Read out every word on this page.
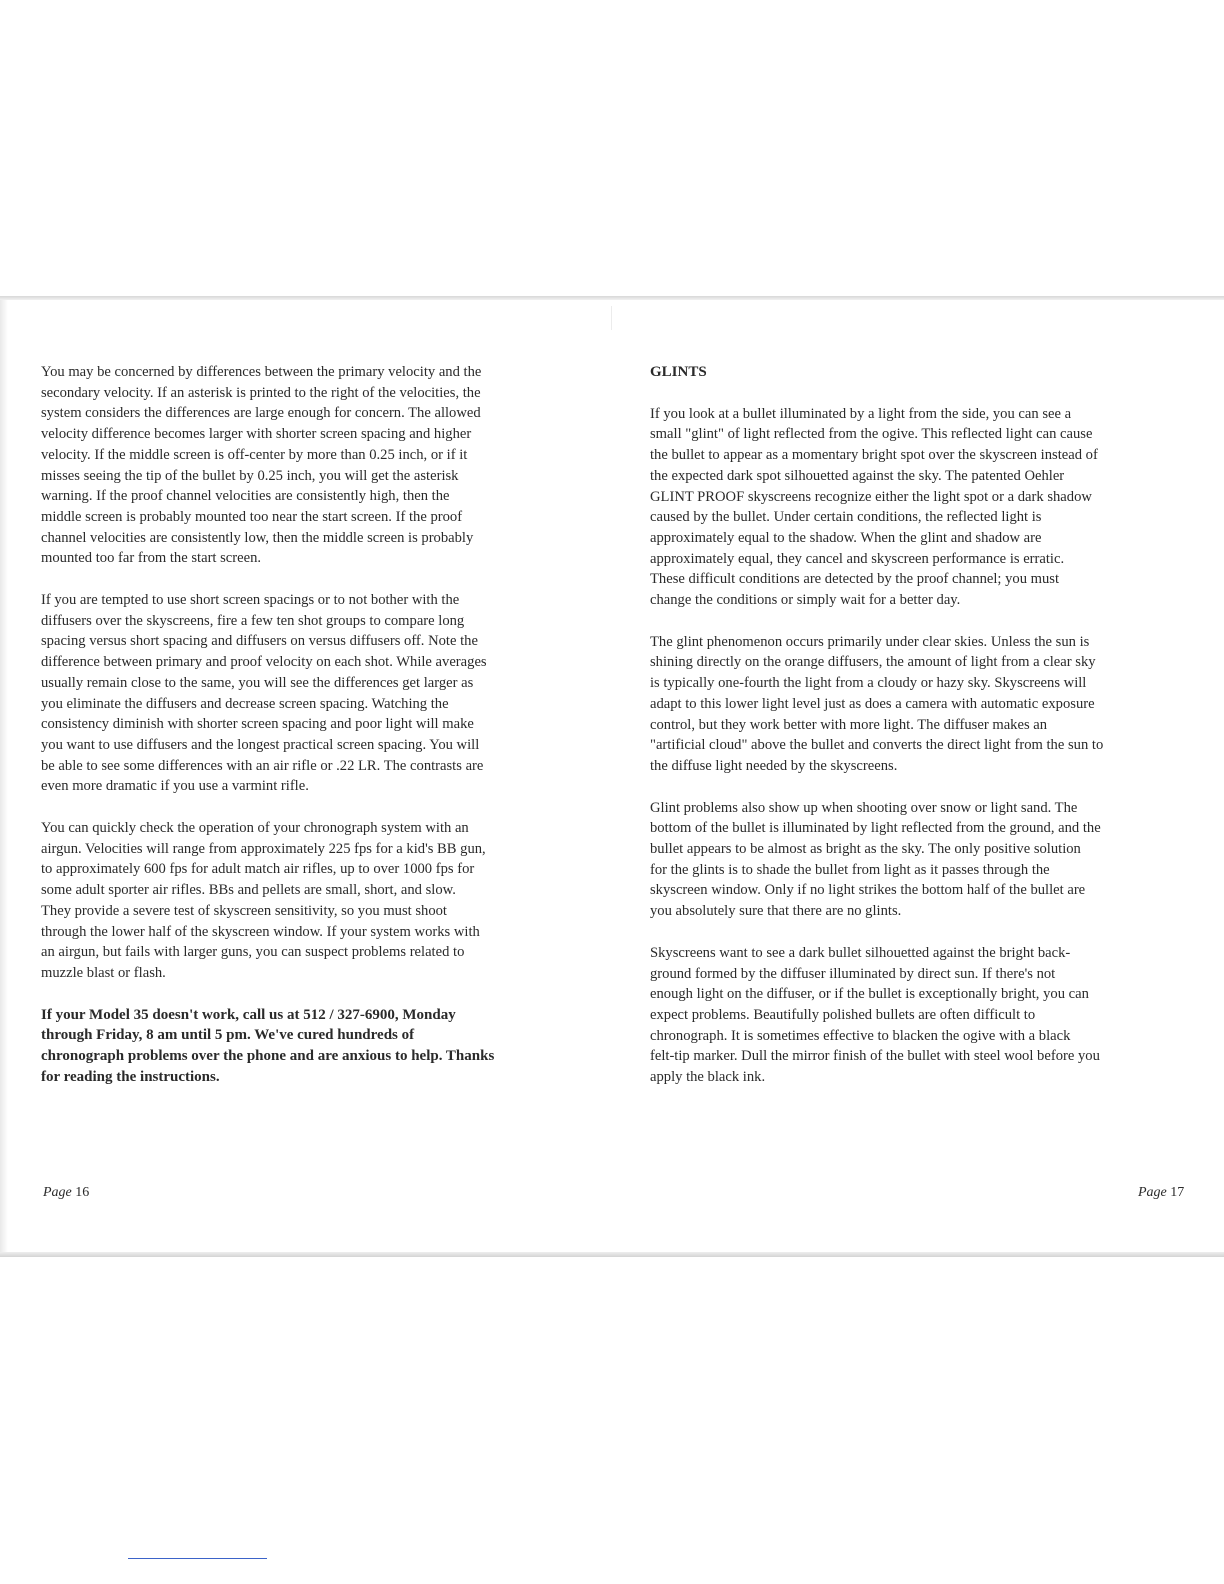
You may be concerned by differences between the primary velocity and the
secondary velocity. If an asterisk is printed to the right of the velocities, the
system considers the differences are large enough for concern. The allowed
velocity difference becomes larger with shorter screen spacing and higher
velocity. If the middle screen is off-center by more than 0.25 inch, or if it
misses seeing the tip of the bullet by 0.25 inch, you will get the asterisk
warning. If the proof channel velocities are consistently high, then the
middle screen is probably mounted too near the start screen. If the proof
channel velocities are consistently low, then the middle screen is probably
mounted too far from the start screen.

If you are tempted to use short screen spacings or to not bother with the
diffusers over the skyscreens, fire a few ten shot groups to compare long
spacing versus short spacing and diffusers on versus diffusers off. Note the
difference between primary and proof velocity on each shot. While averages
usually remain close to the same, you will see the differences get larger as
you eliminate the diffusers and decrease screen spacing. Watching the
consistency diminish with shorter screen spacing and poor light will make
you want to use diffusers and the longest practical screen spacing. You will
be able to see some differences with an air rifle or .22 LR. The contrasts are
even more dramatic if you use a varmint rifle.

You can quickly check the operation of your chronograph system with an
airgun. Velocities will range from approximately 225 fps for a kid's BB gun,
to approximately 600 fps for adult match air rifles, up to over 1000 fps for
some adult sporter air rifles. BBs and pellets are small, short, and slow.
They provide a severe test of skyscreen sensitivity, so you must shoot
through the lower half of the skyscreen window. If your system works with
an airgun, but fails with larger guns, you can suspect problems related to
muzzle blast or flash.

If your Model 35 doesn't work, call us at 512 / 327-6900, Monday
through Friday, 8 am until 5 pm. We've cured hundreds of
chronograph problems over the phone and are anxious to help. Thanks
for reading the instructions.

GLINTS

If you look at a bullet illuminated by a light from the side, you can see a
small "glint" of light reflected from the ogive. This reflected light can cause
the bullet to appear as a momentary bright spot over the skyscreen instead of
the expected dark spot silhouetted against the sky. The patented Oehler
GLINT PROOF skyscreens recognize either the light spot or a dark shadow
caused by the bullet. Under certain conditions, the reflected light is
approximately equal to the shadow. When the glint and shadow are
approximately equal, they cancel and skyscreen performance is erratic.
These difficult conditions are detected by the proof channel; you must
change the conditions or simply wait for a better day.

The glint phenomenon occurs primarily under clear skies. Unless the sun is
shining directly on the orange diffusers, the amount of light from a clear sky
is typically one-fourth the light from a cloudy or hazy sky. Skyscreens will
adapt to this lower light level just as does a camera with automatic exposure
control, but they work better with more light. The diffuser makes an
"artificial cloud" above the bullet and converts the direct light from the sun to
the diffuse light needed by the skyscreens.

Glint problems also show up when shooting over snow or light sand. The
bottom of the bullet is illuminated by light reflected from the ground, and the
bullet appears to be almost as bright as the sky. The only positive solution
for the glints is to shade the bullet from light as it passes through the
skyscreen window. Only if no light strikes the bottom half of the bullet are
you absolutely sure that there are no glints.

Skyscreens want to see a dark bullet silhouetted against the bright back-
ground formed by the diffuser illuminated by direct sun. If there's not
enough light on the diffuser, or if the bullet is exceptionally bright, you can
expect problems. Beautifully polished bullets are often difficult to
chronograph. It is sometimes effective to blacken the ogive with a black
felt-tip marker. Dull the mirror finish of the bullet with steel wool before you
apply the black ink.

Page 16	Page 17
